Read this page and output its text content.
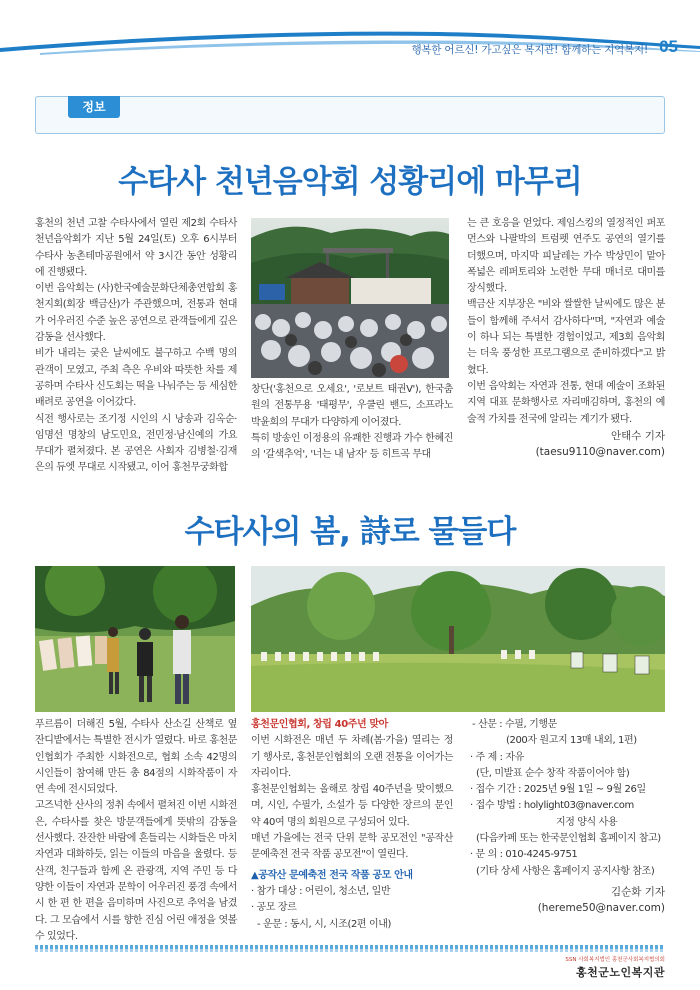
행복한 어르신! 가고싶은 복지관! 함께하는 지역복지! 05
정보
수타사 천년음악회 성황리에 마무리

홍천의 천년 고찰 수타사에서 열린 제2회 수타사 천년음악회가 지난 5월 24일(토) 오후 6시부터 수타사 농촌테마공원에서 약 3시간 동안 성황리에 진행됐다.

이번 음악회는 (사)한국예술문화단체총연합회 홍천지회(회장 백금산)가 주관했으며, 전통과 현대가 어우러진 수준 높은 공연으로 관객들에게 깊은 감동을 선사했다.

비가 내리는 궂은 날씨에도 불구하고 수백 명의 관객이 모였고, 주최 측은 우비와 따뜻한 차를 제공하며 수타사 신도회는 떡을 나눠주는 등 세심한 배려로 공연을 이어갔다.

식전 행사로는 조기정 시인의 시 낭송과 김옥순·임명선 명창의 남도민요, 전민정·남신예의 가요 무대가 펼쳐졌다. 본 공연은 사회자 김병철·김재은의 듀엣 무대로 시작됐고, 이어 홍천무궁화합

창단('홍천으로 오세요', '로보트 태권V'), 한국춤원의 전통무용 '태평무', 우쿨린 밴드, 소프라노 박윤희의 무대가 다양하게 이어졌다.

특히 방송인 이정용의 유쾌한 진행과 가수 한혜진의 '갈색추억', '너는 내 남자' 등 히트곡 무대

는 큰 호응을 얻었다. 제임스킹의 열정적인 퍼포먼스와 나팔박의 트럼펫 연주도 공연의 열기를 더했으며, 마지막 피날레는 가수 박상민이 맡아 폭넓은 레퍼토리와 노련한 무대 매너로 대미를 장식했다.

백금산 지부장은 "비와 쌀쌀한 날씨에도 많은 분들이 함께해 주셔서 감사하다"며, "자연과 예술이 하나 되는 특별한 경험이었고, 제3회 음악회는 더욱 풍성한 프로그램으로 준비하겠다"고 밝혔다.

이번 음악회는 자연과 전통, 현대 예술이 조화된 지역 대표 문화행사로 자리매김하며, 홍천의 예술적 가치를 전국에 알리는 계기가 됐다.

안태수 기자
(taesu9110@naver.com)
수타사의 봄, 詩로 물들다

푸르름이 더해진 5월, 수타사 산소길 산책로 옆 잔디밭에서는 특별한 전시가 열렸다. 바로 홍천문인협회가 주최한 시화전으로, 협회 소속 42명의 시인들이 참여해 만든 총 84점의 시화작품이 자연 속에 전시되었다.

고즈넉한 산사의 정취 속에서 펼쳐진 이번 시화전은, 수타사를 찾은 방문객들에게 뜻밖의 감동을 선사했다. 잔잔한 바람에 흔들리는 시화들은 마치 자연과 대화하듯, 읽는 이들의 마음을 울렸다. 등산객, 친구들과 함께 온 관광객, 지역 주민 등 다양한 이들이 자연과 문학이 어우러진 풍경 속에서 시 한 편 한 편을 음미하며 사진으로 추억을 남겼다. 그 모습에서 시를 향한 진심 어린 애정을 엿볼 수 있었다.

홍천문인협회, 창립 40주년 맞아

이번 시화전은 매년 두 차례(봄·가을) 열리는 정기 행사로, 홍천문인협회의 오랜 전통을 이어가는 자리이다.

홍천문인협회는 올해로 창립 40주년을 맞이했으며, 시인, 수필가, 소설가 등 다양한 장르의 문인약 40여 명의 회원으로 구성되어 있다.

매년 가을에는 전국 단위 문학 공모전인 "공작산 문예축전 전국 작품 공모전"이 열린다.

▲공작산 문예축전 전국 작품 공모 안내

· 참가 대상 : 어린이, 청소년, 일반

· 공모 장르

- 운문 : 동시, 시, 시조(2편 이내)

- 산문 : 수필, 기행문

(200자 원고지 13매 내외, 1편)

· 주 제 : 자유

(단, 미발표 순수 창작 작품이어야 함)

· 접수 기간 : 2025년 9월 1일 ~ 9월 26일

· 접수 방법 : holylight03@naver.com

지정 양식 사용

(다음카페 또는 한국문인협회 홈페이지 참고)

· 문 의 : 010-4245-9751

(기타 상세 사항은 홈페이지 공지사항 참조)

김순화 기자
(hereme50@naver.com)
SSN 사회복지법인 홍천군사회복지협의회
홍천군노인복지관
